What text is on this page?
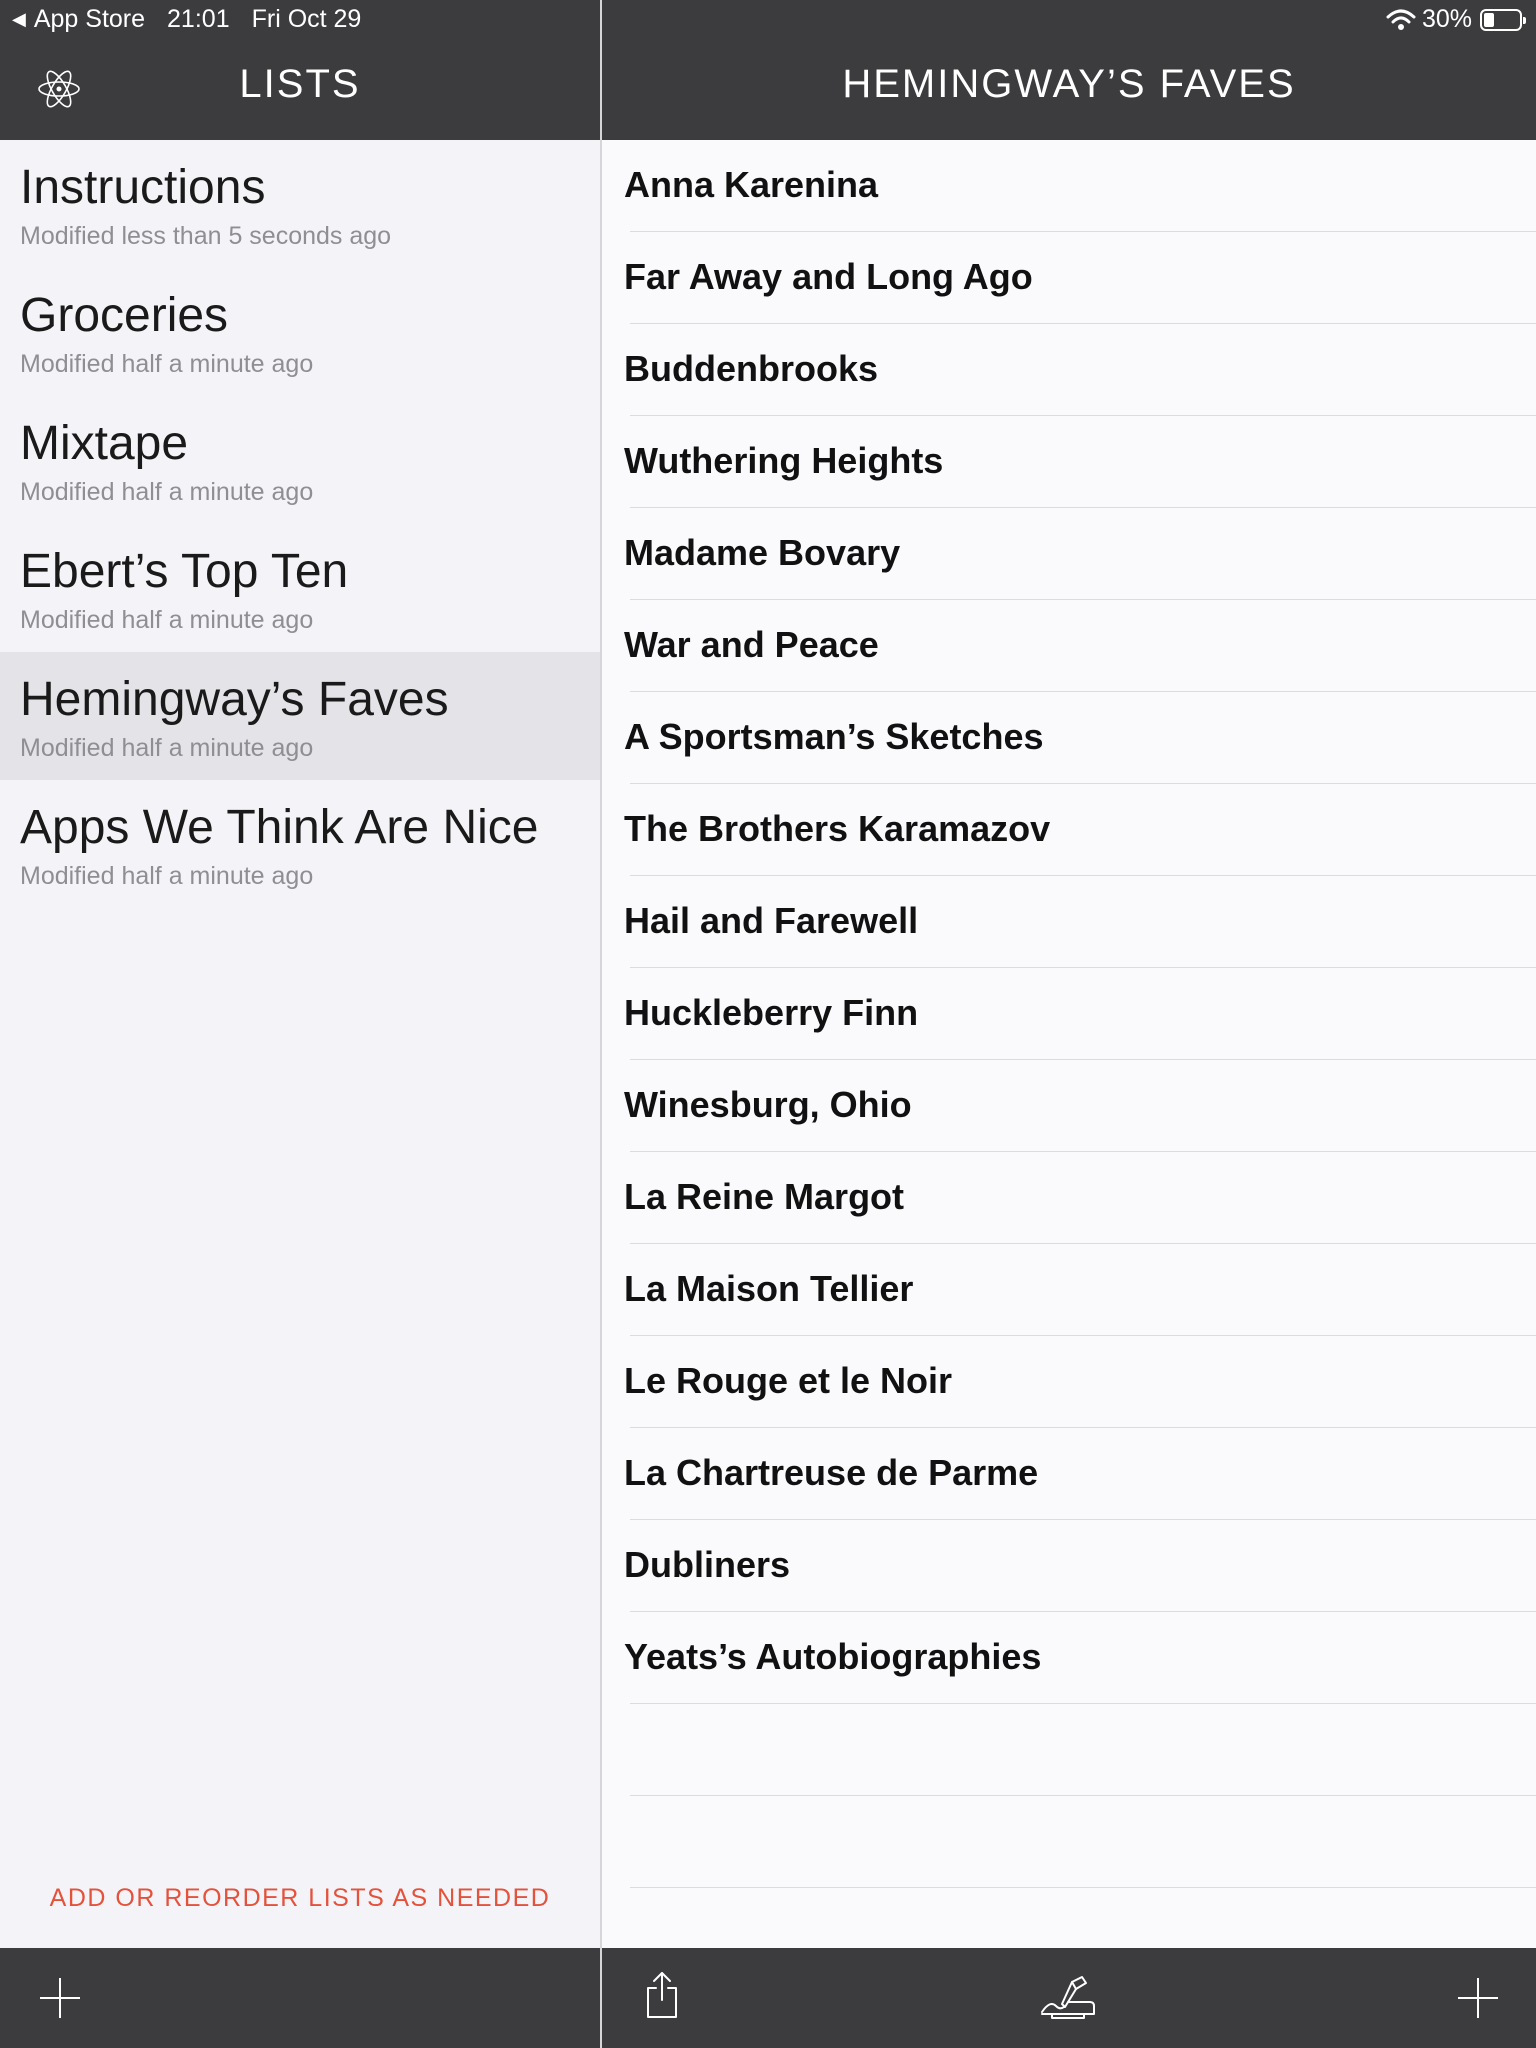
◀ App Store 21:01 Fri Oct 29	30%
LISTS
Instructions
Modified less than 5 seconds ago
Groceries
Modified half a minute ago
Mixtape
Modified half a minute ago
Ebert’s Top Ten
Modified half a minute ago
Hemingway’s Faves
Modified half a minute ago
Apps We Think Are Nice
Modified half a minute ago
ADD OR REORDER LISTS AS NEEDED
HEMINGWAY’S FAVES
Anna Karenina
Far Away and Long Ago
Buddenbrooks
Wuthering Heights
Madame Bovary
War and Peace
A Sportsman’s Sketches
The Brothers Karamazov
Hail and Farewell
Huckleberry Finn
Winesburg, Ohio
La Reine Margot
La Maison Tellier
Le Rouge et le Noir
La Chartreuse de Parme
Dubliners
Yeats’s Autobiographies
